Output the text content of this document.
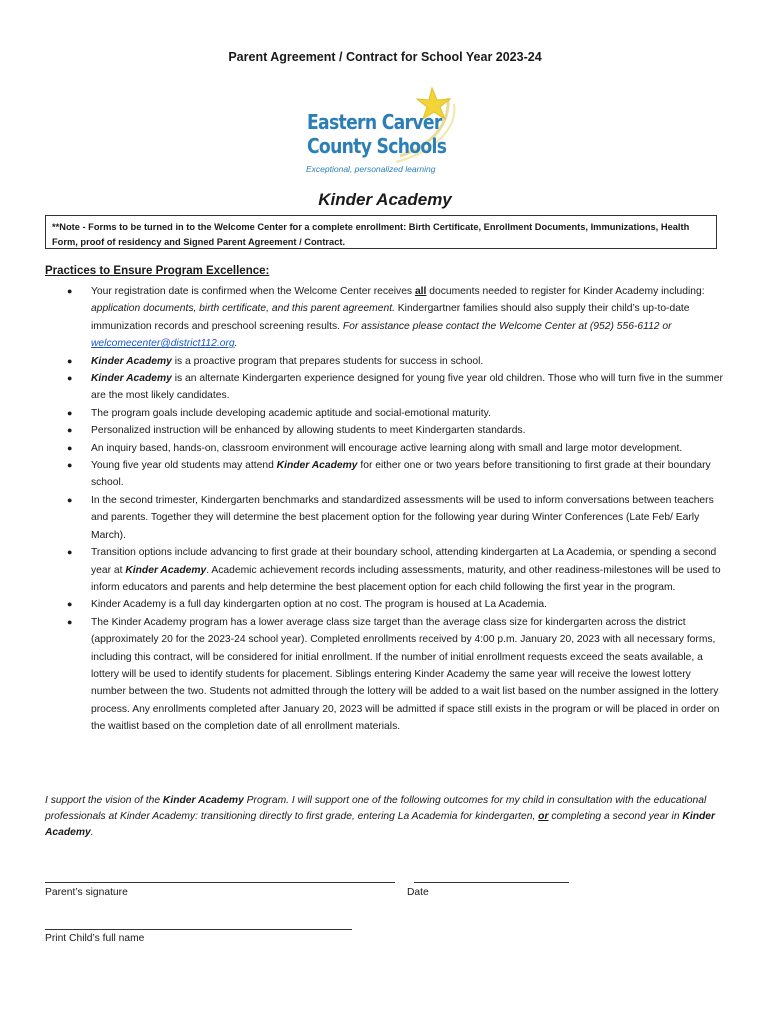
Parent Agreement / Contract for School Year 2023-24
Eastern Carver
County Schools
Exceptional, personalized learning
Kinder Academy
**Note - Forms to be turned in to the Welcome Center for a complete enrollment: Birth Certificate, Enrollment Documents, Immunizations, Health Form, proof of residency and Signed Parent Agreement / Contract.
Practices to Ensure Program Excellence:
● Your registration date is confirmed when the Welcome Center receives all documents needed to register for Kinder Academy including: application documents, birth certificate, and this parent agreement. Kindergartner families should also supply their child’s up-to-date immunization records and preschool screening results. For assistance please contact the Welcome Center at (952) 556-6112 or welcomecenter@district112.org.
● Kinder Academy is a proactive program that prepares students for success in school.
● Kinder Academy is an alternate Kindergarten experience designed for young five year old children. Those who will turn five in the summer are the most likely candidates.
● The program goals include developing academic aptitude and social-emotional maturity.
● Personalized instruction will be enhanced by allowing students to meet Kindergarten standards.
● An inquiry based, hands-on, classroom environment will encourage active learning along with small and large motor development.
● Young five year old students may attend Kinder Academy for either one or two years before transitioning to first grade at their boundary school.
● In the second trimester, Kindergarten benchmarks and standardized assessments will be used to inform conversations between teachers and parents. Together they will determine the best placement option for the following year during Winter Conferences (Late Feb/ Early March).
● Transition options include advancing to first grade at their boundary school, attending kindergarten at La Academia, or spending a second year at Kinder Academy. Academic achievement records including assessments, maturity, and other readiness-milestones will be used to inform educators and parents and help determine the best placement option for each child following the first year in the program.
● Kinder Academy is a full day kindergarten option at no cost. The program is housed at La Academia.
● The Kinder Academy program has a lower average class size target than the average class size for kindergarten across the district (approximately 20 for the 2023-24 school year). Completed enrollments received by 4:00 p.m. January 20, 2023 with all necessary forms, including this contract, will be considered for initial enrollment. If the number of initial enrollment requests exceed the seats available, a lottery will be used to identify students for placement. Siblings entering Kinder Academy the same year will receive the lowest lottery number between the two. Students not admitted through the lottery will be added to a wait list based on the number assigned in the lottery process. Any enrollments completed after January 20, 2023 will be admitted if space still exists in the program or will be placed in order on the waitlist based on the completion date of all enrollment materials.
I support the vision of the Kinder Academy Program. I will support one of the following outcomes for my child in consultation with the educational professionals at Kinder Academy: transitioning directly to first grade, entering La Academia for kindergarten, or completing a second year in Kinder Academy.
Parent’s signature	Date
Print Child’s full name
